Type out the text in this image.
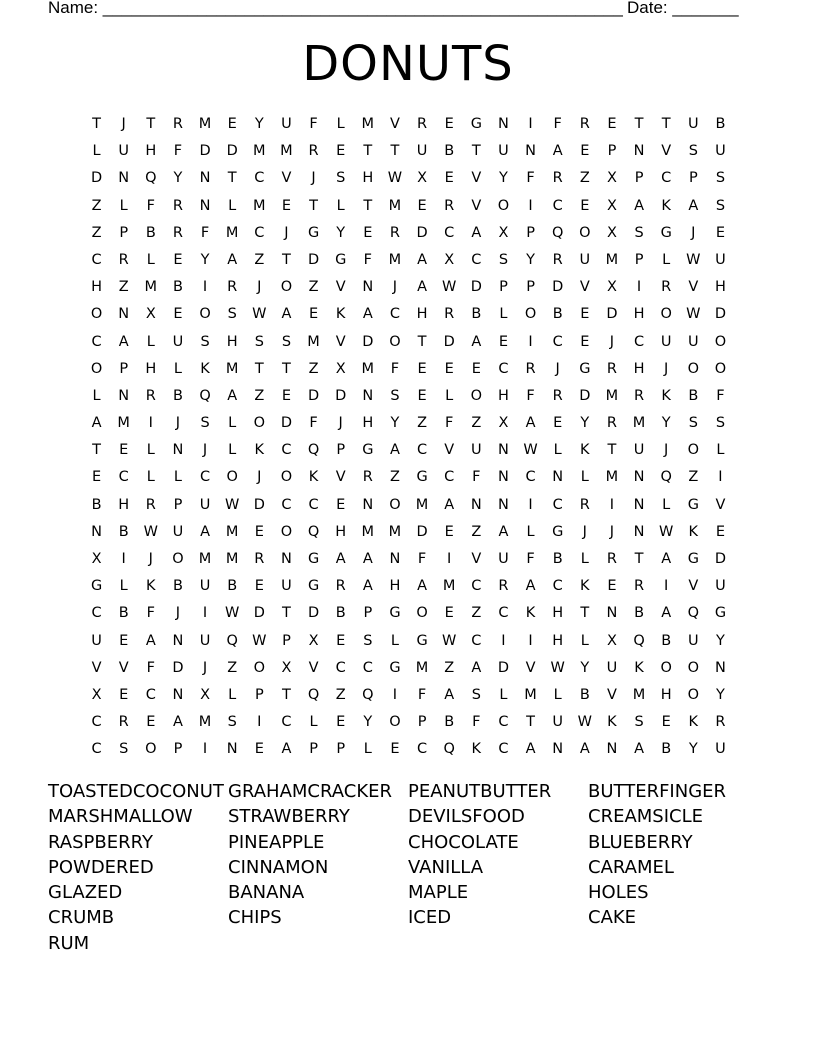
Name: _______________________________________________________ Date: _______
DONUTS
T	J	T	R	M	E	Y	U	F	L	M	V	R	E	G	N	I	F	R	E	T	T	U	B
L	U	H	F	D	D	M	M	R	E	T	T	U	B	T	U	N	A	E	P	N	V	S	U
D	N	Q	Y	N	T	C	V	J	S	H	W	X	E	V	Y	F	R	Z	X	P	C	P	S
Z	L	F	R	N	L	M	E	T	L	T	M	E	R	V	O	I	C	E	X	A	K	A	S
Z	P	B	R	F	M	C	J	G	Y	E	R	D	C	A	X	P	Q	O	X	S	G	J	E
C	R	L	E	Y	A	Z	T	D	G	F	M	A	X	C	S	Y	R	U	M	P	L	W	U
H	Z	M	B	I	R	J	O	Z	V	N	J	A	W D	P	P	D	V	X	I	R	V	H
O	N	X	E	O	S	W	A	E	K	A	C	H	R	B	L	O	B	E	D	H	O W D
C	A	L	U	S	H	S	S	M	V	D	O	T	D	A	E	I	C	E	J	C	U	U	O
O	P	H	L	K	M	T	T	Z	X	M	F	E	E	E	C	R	J	G	R	H	J	O	O
L	N	R	B	Q	A	Z	E	D	D	N	S	E	L	O	H	F	R	D	M	R	K	B	F
A	M	I	J	S	L	O	D	F	J	H	Y	Z	F	Z	X	A	E	Y	R	M	Y	S	S
T	E	L	N	J	L	K	C	Q	P	G	A	C	V	U	N	W	L	K	T	U	J	O	L
E	C	L	L	C	O	J	O	K	V	R	Z	G	C	F	N	C	N	L	M	N	Q	Z	I
B	H	R	P	U	W D	C	C	E	N	O	M	A	N	N	I	C	R	I	N	L	G	V
N	B	W	U	A	M	E	O	Q	H	M	M	D	E	Z	A	L	G	J	J	N	W	K	E
X	I	J	O	M	M	R	N	G	A	A	N	F	I	V	U	F	B	L	R	T	A	G	D
G	L	K	B	U	B	E	U	G	R	A	H	A	M	C	R	A	C	K	E	R	I	V	U
C	B	F	J	I	W D	T	D	B	P	G	O	E	Z	C	K	H	T	N	B	A	Q	G
U	E	A	N	U	Q W	P	X	E	S	L	G W	C	I	I	H	L	X	Q	B	U	Y
V	V	F	D	J	Z	O	X	V	C	C	G	M	Z	A	D	V	W	Y	U	K	O	O	N
X	E	C	N	X	L	P	T	Q	Z	Q	I	F	A	S	L	M	L	B	V	M	H	O	Y
C	R	E	A	M	S	I	C	L	E	Y	O	P	B	F	C	T	U	W	K	S	E	K	R
C	S	O	P	I	N	E	A	P	P	L	E	C	Q	K	C	A	N	A	N	A	B	Y	U
TOASTEDCOCONUT GRAHAMCRACKER PEANUTBUTTER	BUTTERFINGER
MARSHMALLOW	STRAWBERRY	DEVILSFOOD	CREAMSICLE
RASPBERRY	PINEAPPLE	CHOCOLATE	BLUEBERRY
POWDERED	CINNAMON	VANILLA	CARAMEL
GLAZED	BANANA	MAPLE	HOLES
CRUMB	CHIPS	ICED	CAKE
RUM
